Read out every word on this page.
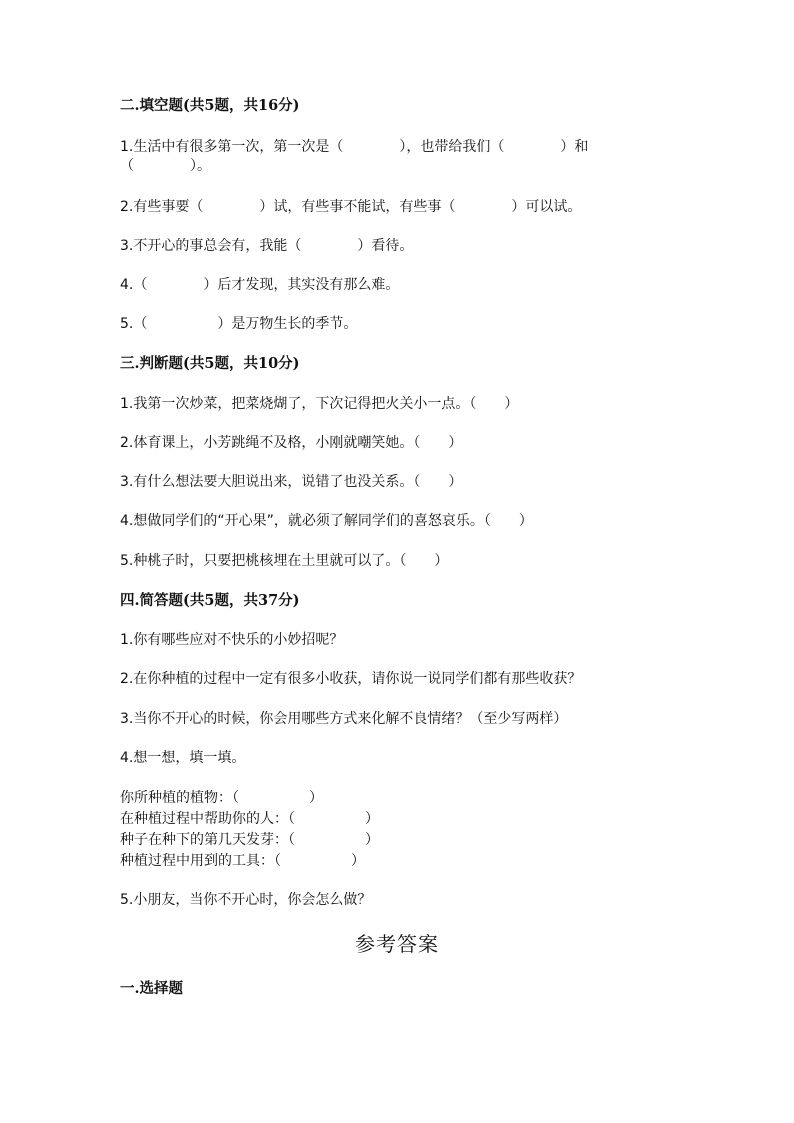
二.填空题(共5题，共16分)
1.生活中有很多第一次，第一次是（　　　　），也带给我们（　　　　）和
（　　　　）。
2.有些事要（　　　　）试，有些事不能试，有些事（　　　　）可以试。
3.不开心的事总会有，我能（　　　　）看待。
4.（　　　　）后才发现，其实没有那么难。
5.（　　　　　）是万物生长的季节。
三.判断题(共5题，共10分)
1.我第一次炒菜，把菜烧煳了，下次记得把火关小一点。（　　）
2.体育课上，小芳跳绳不及格，小刚就嘲笑她。（　　）
3.有什么想法要大胆说出来，说错了也没关系。（　　）
4.想做同学们的“开心果”，就必须了解同学们的喜怒哀乐。（　　）
5.种桃子时，只要把桃核埋在土里就可以了。（　　）
四.简答题(共5题，共37分)
1.你有哪些应对不快乐的小妙招呢？
2.在你种植的过程中一定有很多小收获，请你说一说同学们都有那些收获？
3.当你不开心的时候，你会用哪些方式来化解不良情绪？（至少写两样）
4.想一想，填一填。
你所种植的植物：（　　　　　）
在种植过程中帮助你的人：（　　　　　）
种子在种下的第几天发芽：（　　　　　）
种植过程中用到的工具：（　　　　　）
5.小朋友，当你不开心时，你会怎么做？
参考答案
一.选择题
